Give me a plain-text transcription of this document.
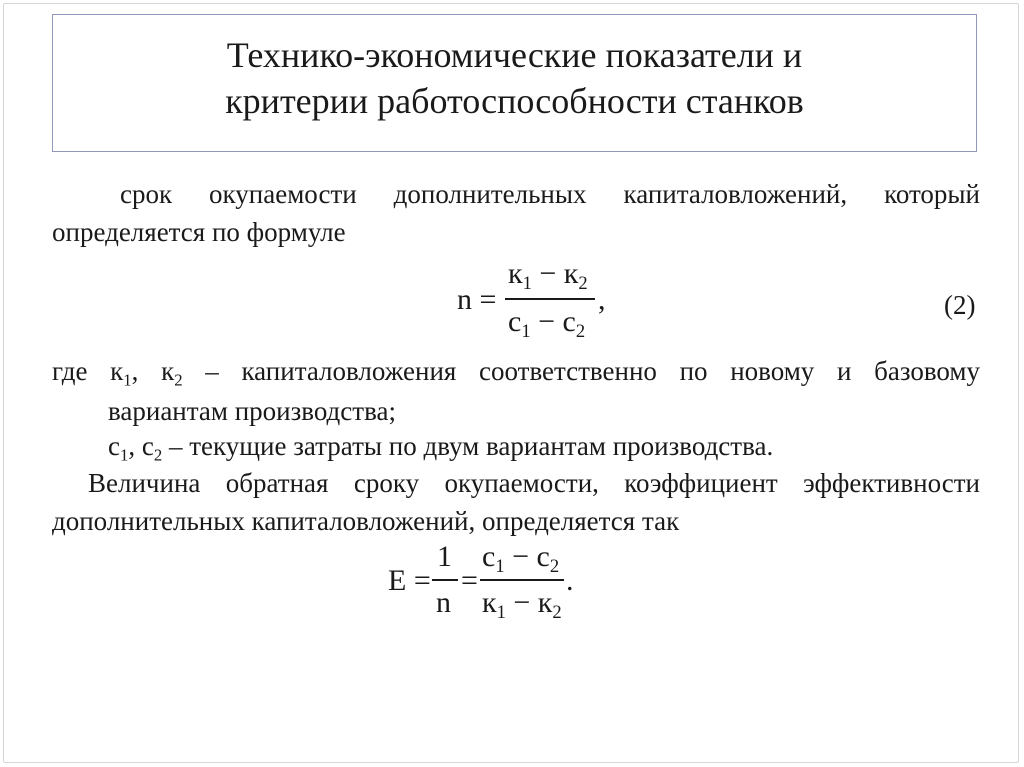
Технико-экономические показатели и
критерии работоспособности станков
срок окупаемости дополнительных капиталовложений, который
определяется по формуле
n =
$к_1 - к_2$
$с_1 - с_2$
,	(2)
где $к_1$, $к_2$ – капиталовложения соответственно по новому и базовому
вариантам производства;
$с_1$, $с_2$ – текущие затраты по двум вариантам производства.
Величина обратная сроку окупаемости, коэффициент эффективности
дополнительных капиталовложений, определяется так
E =
1
n
=
$с_1 - с_2$
$к_1 - к_2$
.
